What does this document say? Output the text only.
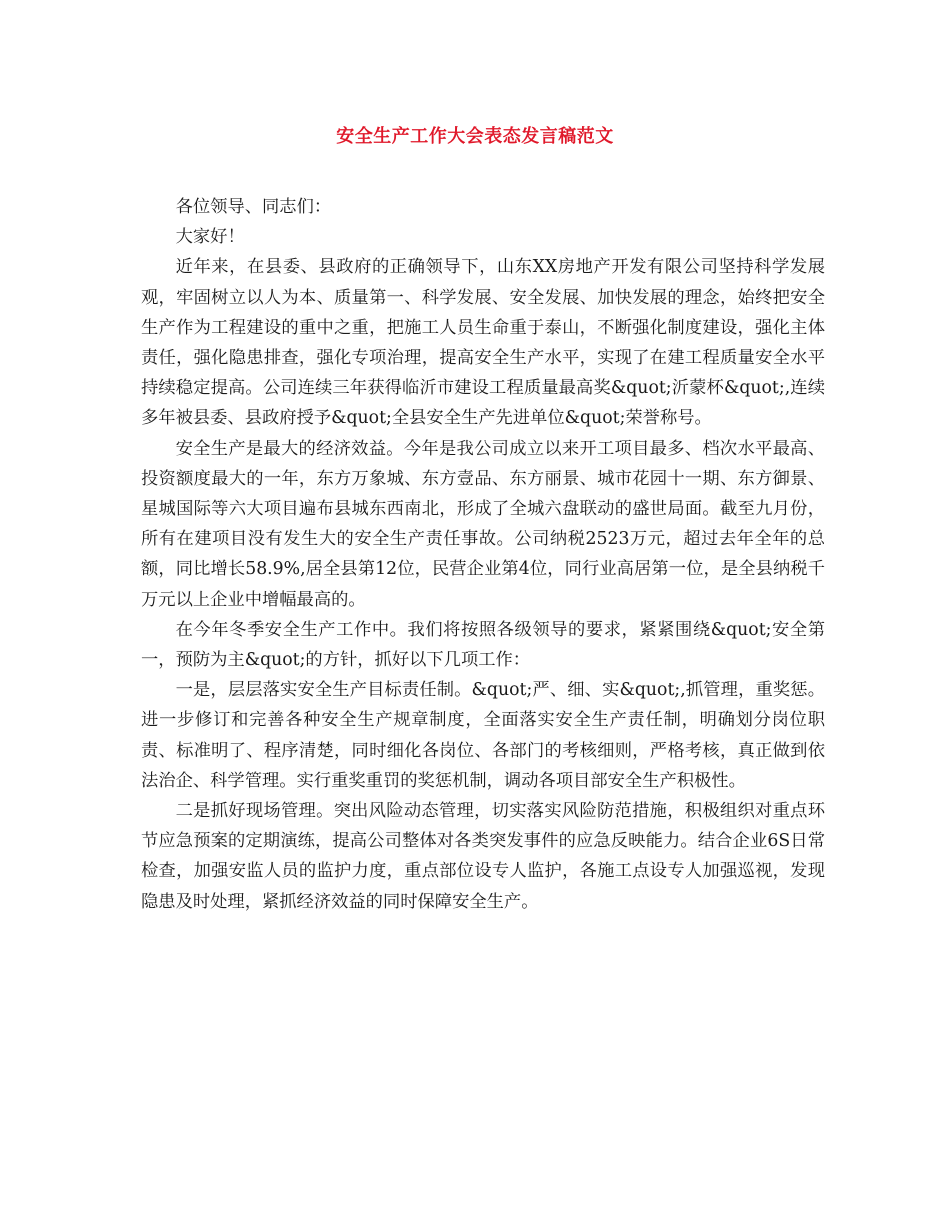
安全生产工作大会表态发言稿范文

各位领导、同志们：

大家好！

近年来，在县委、县政府的正确领导下，山东XX房地产开发有限公司坚持科学发展观，牢固树立以人为本、质量第一、科学发展、安全发展、加快发展的理念，始终把安全生产作为工程建设的重中之重，把施工人员生命重于泰山，不断强化制度建设，强化主体责任，强化隐患排查，强化专项治理，提高安全生产水平，实现了在建工程质量安全水平持续稳定提高。公司连续三年获得临沂市建设工程质量最高奖&quot;沂蒙杯&quot;,连续多年被县委、县政府授予&quot;全县安全生产先进单位&quot;荣誉称号。

安全生产是最大的经济效益。今年是我公司成立以来开工项目最多、档次水平最高、投资额度最大的一年，东方万象城、东方壹品、东方丽景、城市花园十一期、东方御景、星城国际等六大项目遍布县城东西南北，形成了全城六盘联动的盛世局面。截至九月份，所有在建项目没有发生大的安全生产责任事故。公司纳税2523万元，超过去年全年的总额，同比增长58.9%,居全县第12位，民营企业第4位，同行业高居第一位，是全县纳税千万元以上企业中增幅最高的。

在今年冬季安全生产工作中。我们将按照各级领导的要求，紧紧围绕&quot;安全第一，预防为主&quot;的方针，抓好以下几项工作：

一是，层层落实安全生产目标责任制。&quot;严、细、实&quot;,抓管理，重奖惩。进一步修订和完善各种安全生产规章制度，全面落实安全生产责任制，明确划分岗位职责、标准明了、程序清楚，同时细化各岗位、各部门的考核细则，严格考核，真正做到依法治企、科学管理。实行重奖重罚的奖惩机制，调动各项目部安全生产积极性。

二是抓好现场管理。突出风险动态管理，切实落实风险防范措施，积极组织对重点环节应急预案的定期演练，提高公司整体对各类突发事件的应急反映能力。结合企业6S日常检查，加强安监人员的监护力度，重点部位设专人监护，各施工点设专人加强巡视，发现隐患及时处理，紧抓经济效益的同时保障安全生产。
